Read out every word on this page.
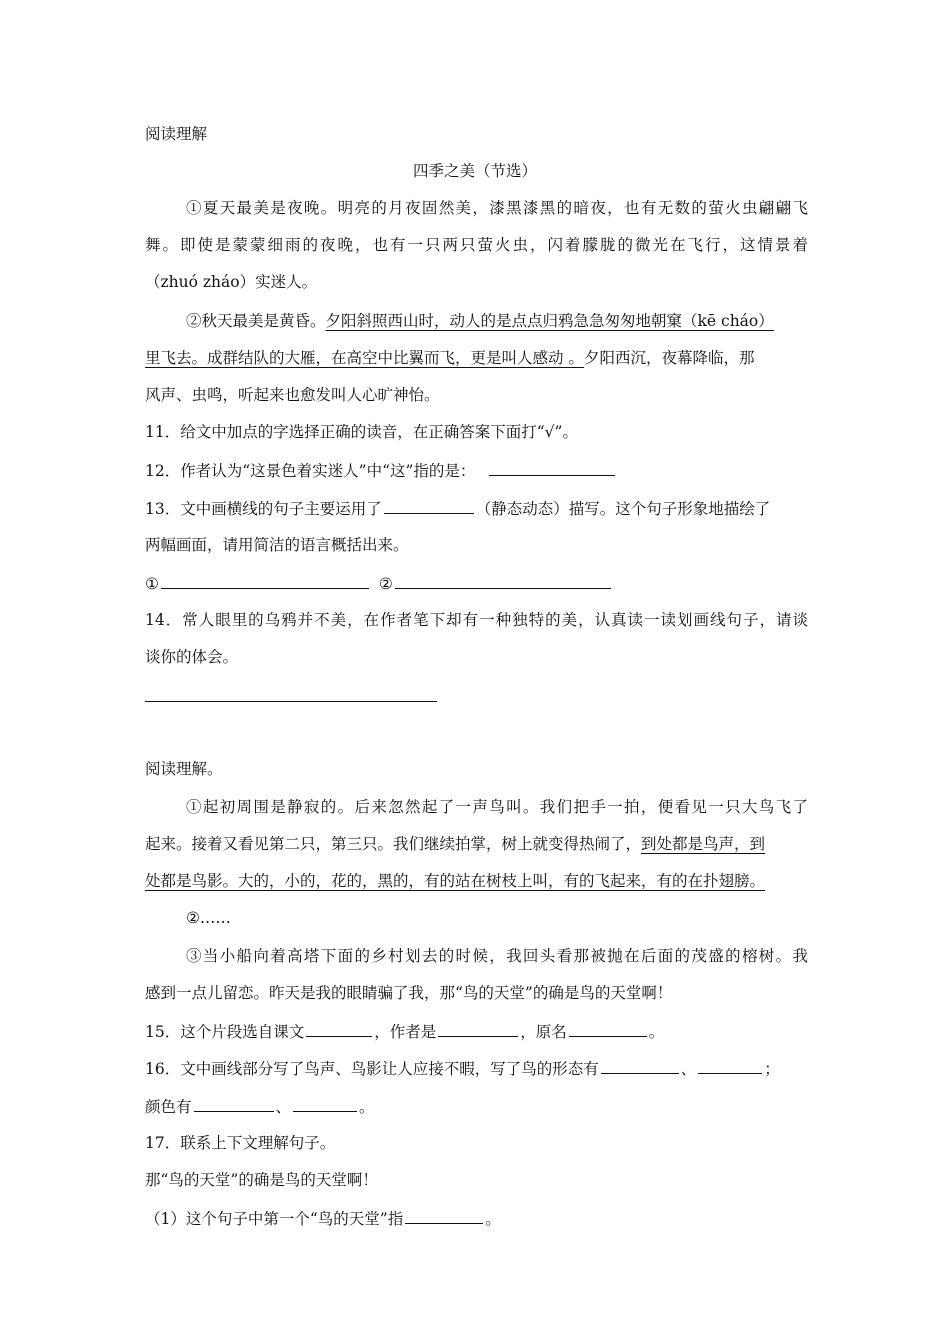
阅读理解
四季之美（节选）
①夏天最美是夜晚。明亮的月夜固然美，漆黑漆黑的暗夜，也有无数的萤火虫翩翩飞
舞。即使是蒙蒙细雨的夜晚，也有一只两只萤火虫，闪着朦胧的微光在飞行，这情景着
（zhuó zháo）实迷人。
②秋天最美是黄昏。夕阳斜照西山时，动人的是点点归鸦急急匆匆地朝窠（kē cháo）
里飞去。成群结队的大雁，在高空中比翼而飞，更是叫人感动 。夕阳西沉，夜幕降临，那
风声、虫鸣，听起来也愈发叫人心旷神怡。
11．给文中加点的字选择正确的读音，在正确答案下面打“√”。
12．作者认为“这景色着实迷人”中“这”指的是：
13．文中画横线的句子主要运用了	（静态动态）描写。这个句子形象地描绘了
两幅画面，请用简洁的语言概括出来。
①	②
14．常人眼里的乌鸦并不美，在作者笔下却有一种独特的美，认真读一读划画线句子，请谈
谈你的体会。
阅读理解。
①起初周围是静寂的。后来忽然起了一声鸟叫。我们把手一拍，便看见一只大鸟飞了
起来。接着又看见第二只，第三只。我们继续拍掌，树上就变得热闹了，到处都是鸟声，到
处都是鸟影。大的，小的，花的，黑的，有的站在树枝上叫，有的飞起来，有的在扑翅膀。
②……
③当小船向着高塔下面的乡村划去的时候，我回头看那被抛在后面的茂盛的榕树。我
感到一点儿留恋。昨天是我的眼睛骗了我，那“鸟的天堂”的确是鸟的天堂啊！
15．这个片段选自课文	，作者是	，原名	。
16．文中画线部分写了鸟声、鸟影让人应接不暇，写了鸟的形态有	、	；
颜色有	、	。
17．联系上下文理解句子。
那“鸟的天堂”的确是鸟的天堂啊！
（1）这个句子中第一个“鸟的天堂”指	。
